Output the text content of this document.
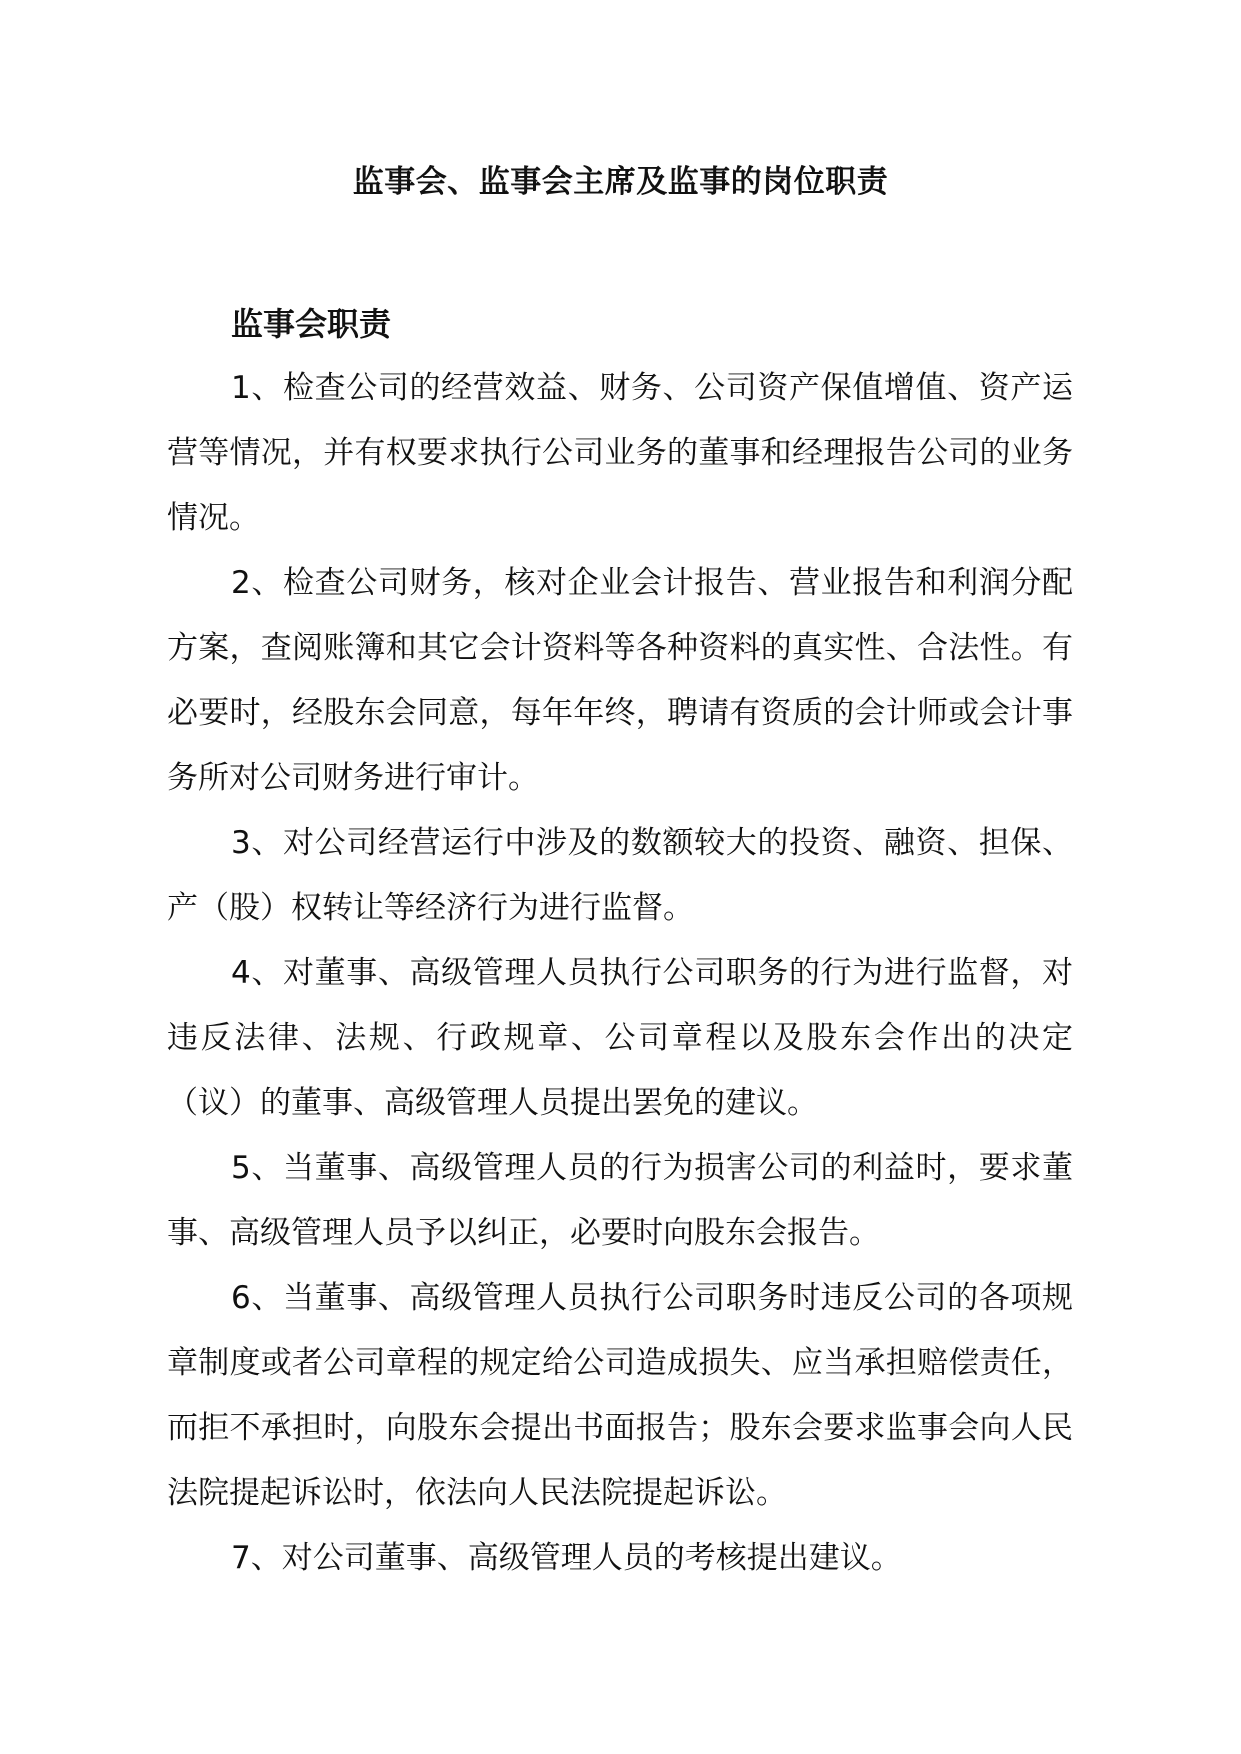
监事会、监事会主席及监事的岗位职责
监事会职责

1、检查公司的经营效益、财务、公司资产保值增值、资产运营等情况，并有权要求执行公司业务的董事和经理报告公司的业务情况。

2、检查公司财务，核对企业会计报告、营业报告和利润分配方案，查阅账簿和其它会计资料等各种资料的真实性、合法性。有必要时，经股东会同意，每年年终，聘请有资质的会计师或会计事务所对公司财务进行审计。

3、对公司经营运行中涉及的数额较大的投资、融资、担保、产（股）权转让等经济行为进行监督。

4、对董事、高级管理人员执行公司职务的行为进行监督，对违反法律、法规、行政规章、公司章程以及股东会作出的决定（议）的董事、高级管理人员提出罢免的建议。

5、当董事、高级管理人员的行为损害公司的利益时，要求董事、高级管理人员予以纠正，必要时向股东会报告。

6、当董事、高级管理人员执行公司职务时违反公司的各项规章制度或者公司章程的规定给公司造成损失、应当承担赔偿责任，而拒不承担时，向股东会提出书面报告；股东会要求监事会向人民法院提起诉讼时，依法向人民法院提起诉讼。

7、对公司董事、高级管理人员的考核提出建议。
